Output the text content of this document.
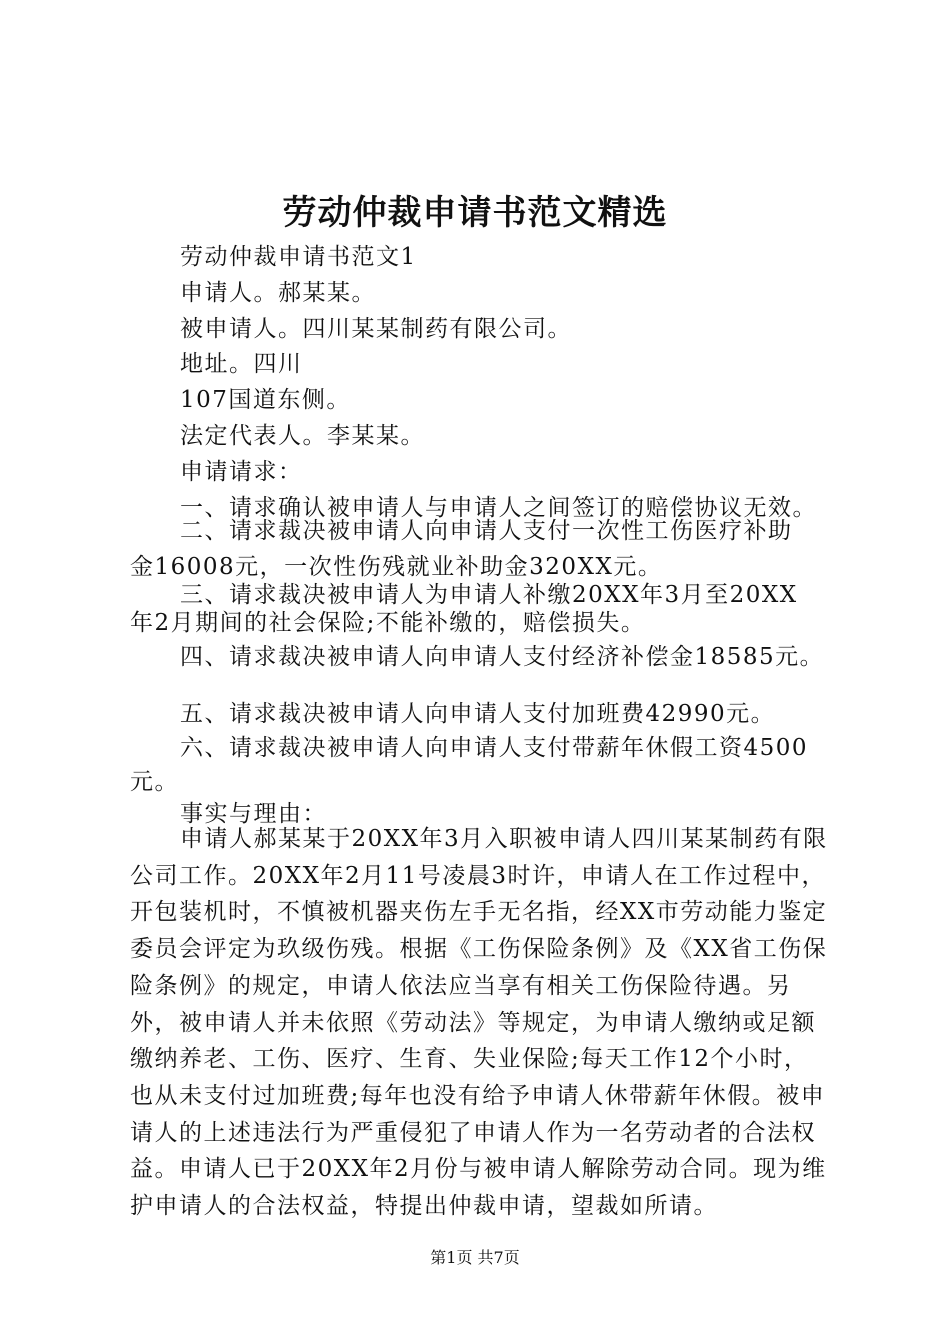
劳动仲裁申请书范文精选
劳动仲裁申请书范文1
申请人。郝某某。
被申请人。四川某某制药有限公司。
地址。四川
107国道东侧。
法定代表人。李某某。
申请请求：
一、请求确认被申请人与申请人之间签订的赔偿协议无效。
二、请求裁决被申请人向申请人支付一次性工伤医疗补助
金16008元，一次性伤残就业补助金320XX元。
三、请求裁决被申请人为申请人补缴20XX年3月至20XX
年2月期间的社会保险;不能补缴的，赔偿损失。
四、请求裁决被申请人向申请人支付经济补偿金18585元。
五、请求裁决被申请人向申请人支付加班费42990元。
六、请求裁决被申请人向申请人支付带薪年休假工资4500
元。
事实与理由：
申请人郝某某于20XX年3月入职被申请人四川某某制药有限公司工作。20XX年2月11号凌晨3时许，申请人在工作过程中，开包装机时，不慎被机器夹伤左手无名指，经XX市劳动能力鉴定委员会评定为玖级伤残。根据《工伤保险条例》及《XX省工伤保险条例》的规定，申请人依法应当享有相关工伤保险待遇。另外，被申请人并未依照《劳动法》等规定，为申请人缴纳或足额缴纳养老、工伤、医疗、生育、失业保险;每天工作12个小时，也从未支付过加班费;每年也没有给予申请人休带薪年休假。被申请人的上述违法行为严重侵犯了申请人作为一名劳动者的合法权益。申请人已于20XX年2月份与被申请人解除劳动合同。现为维护申请人的合法权益，特提出仲裁申请，望裁如所请。
第1页 共7页
